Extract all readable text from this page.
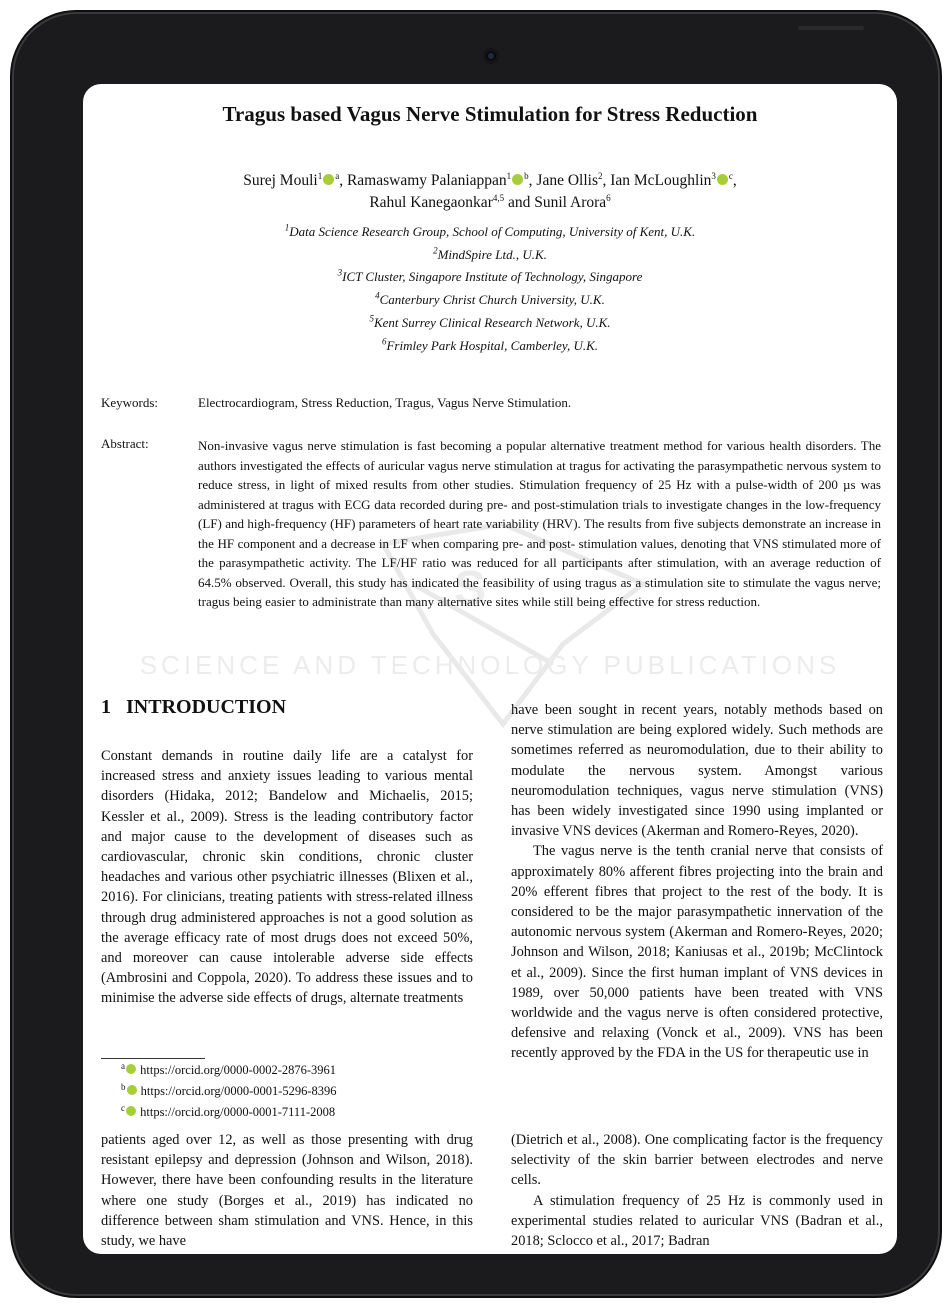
Tragus based Vagus Nerve Stimulation for Stress Reduction
Surej Mouli$^1$ $^a$, Ramaswamy Palaniappan$^1$ $^b$, Jane Ollis$^2$, Ian McLoughlin$^3$ $^c$,
Rahul Kanegaonkar$^{4,5}$ and Sunil Arora$^6$
$^1$Data Science Research Group, School of Computing, University of Kent, U.K.
$^2$MindSpire Ltd., U.K.
$^3$ICT Cluster, Singapore Institute of Technology, Singapore
$^4$Canterbury Christ Church University, U.K.
$^5$Kent Surrey Clinical Research Network, U.K.
$^6$Frimley Park Hospital, Camberley, U.K.
S
SCIENCE AND TECHNOLOGY PUBLICATIONS
Keywords:	Electrocardiogram, Stress Reduction, Tragus, Vagus Nerve Stimulation.
Abstract:	Non-invasive vagus nerve stimulation is fast becoming a popular alternative treatment method for various health disorders. The authors investigated the effects of auricular vagus nerve stimulation at tragus for activating the parasympathetic nervous system to reduce stress, in light of mixed results from other studies. Stimulation frequency of 25 Hz with a pulse-width of 200 µs was administered at tragus with ECG data recorded during pre- and post-stimulation trials to investigate changes in the low-frequency (LF) and high-frequency (HF) parameters of heart rate variability (HRV). The results from five subjects demonstrate an increase in the HF component and a decrease in LF when comparing pre- and post- stimulation values, denoting that VNS stimulated more of the parasympathetic activity. The LF/HF ratio was reduced for all participants after stimulation, with an average reduction of 64.5% observed. Overall, this study has indicated the feasibility of using tragus as a stimulation site to stimulate the vagus nerve; tragus being easier to administrate than many alternative sites while still being effective for stress reduction.
1   INTRODUCTION

Constant demands in routine daily life are a catalyst for increased stress and anxiety issues leading to various mental disorders (Hidaka, 2012; Bandelow and Michaelis, 2015; Kessler et al., 2009). Stress is the leading contributory factor and major cause to the development of diseases such as cardiovascular, chronic skin conditions, chronic cluster headaches and various other psychiatric illnesses (Blixen et al., 2016). For clinicians, treating patients with stress-related illness through drug administered approaches is not a good solution as the average efficacy rate of most drugs does not exceed 50%, and moreover can cause intolerable adverse side effects (Ambrosini and Coppola, 2020). To address these issues and to minimise the adverse side effects of drugs, alternate treatments

$^a$ https://orcid.org/0000-0002-2876-3961
$^b$ https://orcid.org/0000-0001-5296-8396
$^c$ https://orcid.org/0000-0001-7111-2008

patients aged over 12, as well as those presenting with drug resistant epilepsy and depression (Johnson and Wilson, 2018). However, there have been confounding results in the literature where one study (Borges et al., 2019) has indicated no difference between sham stimulation and VNS. Hence, in this study, we have

have been sought in recent years, notably methods based on nerve stimulation are being explored widely. Such methods are sometimes referred as neuromodulation, due to their ability to modulate the nervous system. Amongst various neuromodulation techniques, vagus nerve stimulation (VNS) has been widely investigated since 1990 using implanted or invasive VNS devices (Akerman and Romero-Reyes, 2020).

The vagus nerve is the tenth cranial nerve that consists of approximately 80% afferent fibres projecting into the brain and 20% efferent fibres that project to the rest of the body. It is considered to be the major parasympathetic innervation of the autonomic nervous system (Akerman and Romero-Reyes, 2020; Johnson and Wilson, 2018; Kaniusas et al., 2019b; McClintock et al., 2009). Since the first human implant of VNS devices in 1989, over 50,000 patients have been treated with VNS worldwide and the vagus nerve is often considered protective, defensive and relaxing (Vonck et al., 2009). VNS has been recently approved by the FDA in the US for therapeutic use in

(Dietrich et al., 2008). One complicating factor is the frequency selectivity of the skin barrier between electrodes and nerve cells.

A stimulation frequency of 25 Hz is commonly used in experimental studies related to auricular VNS (Badran et al., 2018; Sclocco et al., 2017; Badran
